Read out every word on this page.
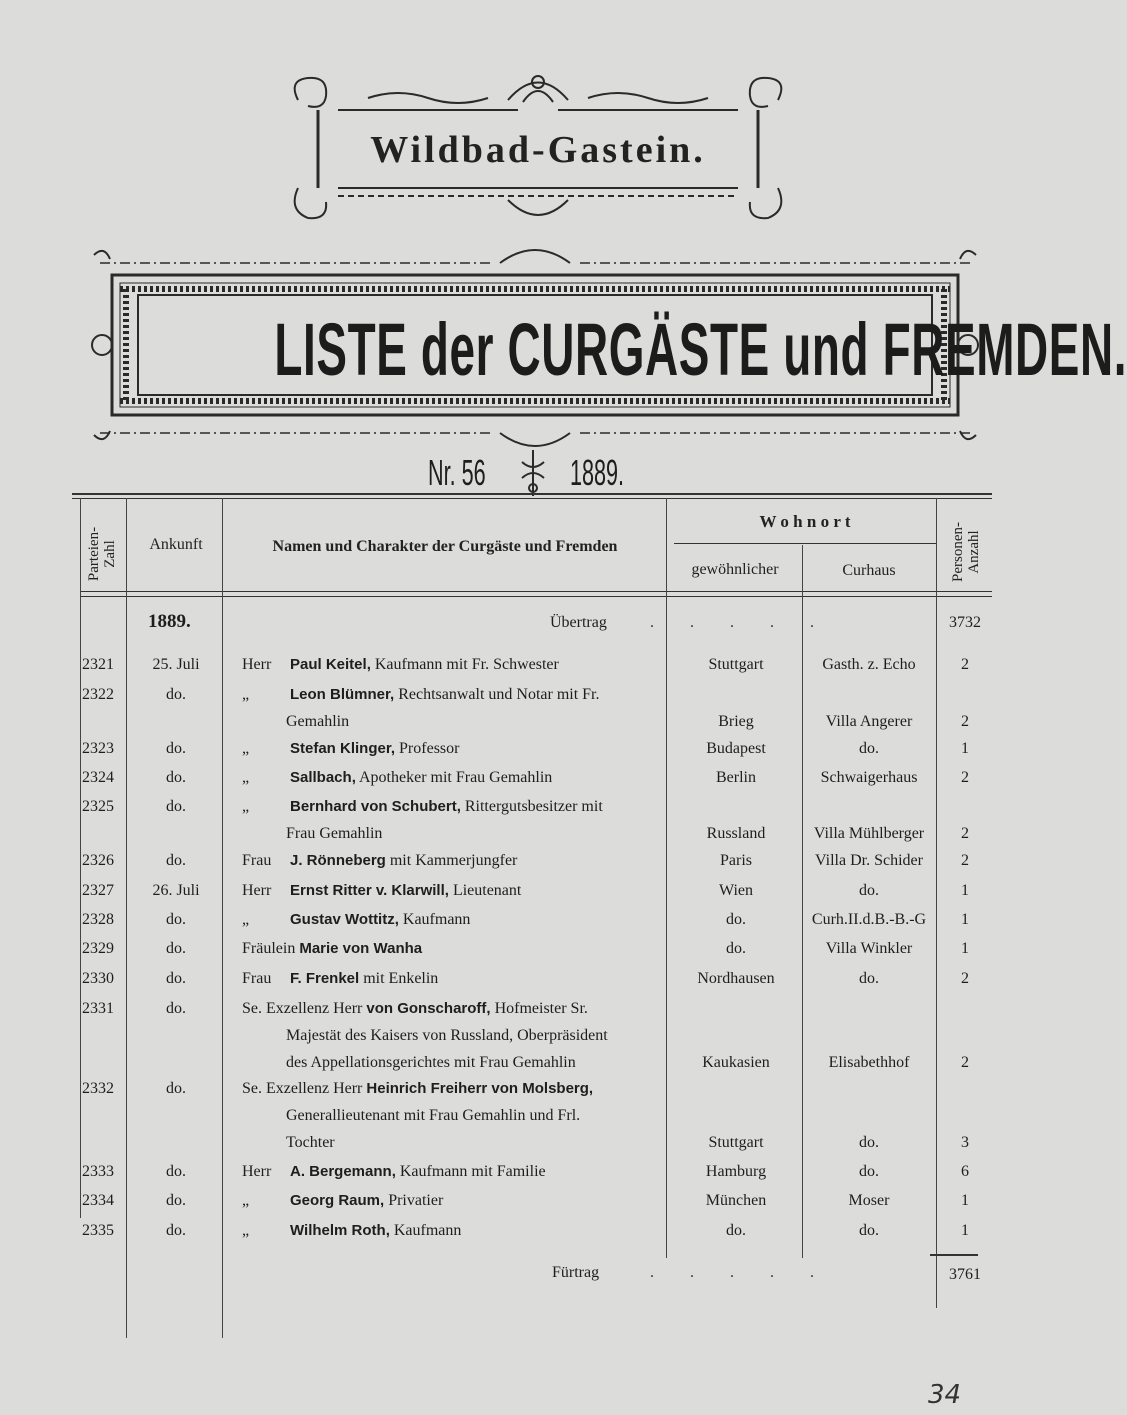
Wildbad-Gastein.
LISTE der CURGÄSTE und FREMDEN.
Nr. 56 1889.
Parteien-
Zahl	Ankunft	Namen und Charakter der Curgäste und Fremden
W o h n o r t
gewöhnlicher	Curhaus	Personen-
Anzahl
1889.	Übertrag	. . . . .	3732
2321	25. Juli	Herr Paul Keitel, Kaufmann mit Fr. Schwester	Stuttgart	Gasth. z. Echo	2
2322	do.	„	Leon Blümner, Rechtsanwalt und Notar mit Fr.
Gemahlin	Brieg	Villa Angerer	2
2323	do.	„	Stefan Klinger, Professor	Budapest	do.	1
2324	do.	„	Sallbach, Apotheker mit Frau Gemahlin	Berlin	Schwaigerhaus	2
2325	do.	„	Bernhard von Schubert, Rittergutsbesitzer mit
Frau Gemahlin	Russland	Villa Mühlberger	2
2326	do.	Frau J. Rönneberg mit Kammerjungfer	Paris	Villa Dr. Schider	2
2327	26. Juli	Herr Ernst Ritter v. Klarwill, Lieutenant	Wien	do.	1
2328	do.	„	Gustav Wottitz, Kaufmann	do.	Curh.II.d.B.-B.-G	1
2329	do.	Fräulein Marie von Wanha	do.	Villa Winkler	1
2330	do.	Frau F. Frenkel mit Enkelin	Nordhausen	do.	2
2331	do.	Se. Exzellenz Herr von Gonscharoff, Hofmeister Sr.
Majestät des Kaisers von Russland, Oberpräsident
des Appellationsgerichtes mit Frau Gemahlin	Kaukasien	Elisabethhof	2
2332	do.	Se. Exzellenz Herr Heinrich Freiherr von Molsberg,
Generallieutenant mit Frau Gemahlin und Frl.
Tochter	Stuttgart	do.	3
2333	do.	Herr A. Bergemann, Kaufmann mit Familie	Hamburg	do.	6
2334	do.	„	Georg Raum, Privatier	München	Moser	1
2335	do.	„	Wilhelm Roth, Kaufmann	do.	do.	1
Fürtrag	. . . . .	3761
34
